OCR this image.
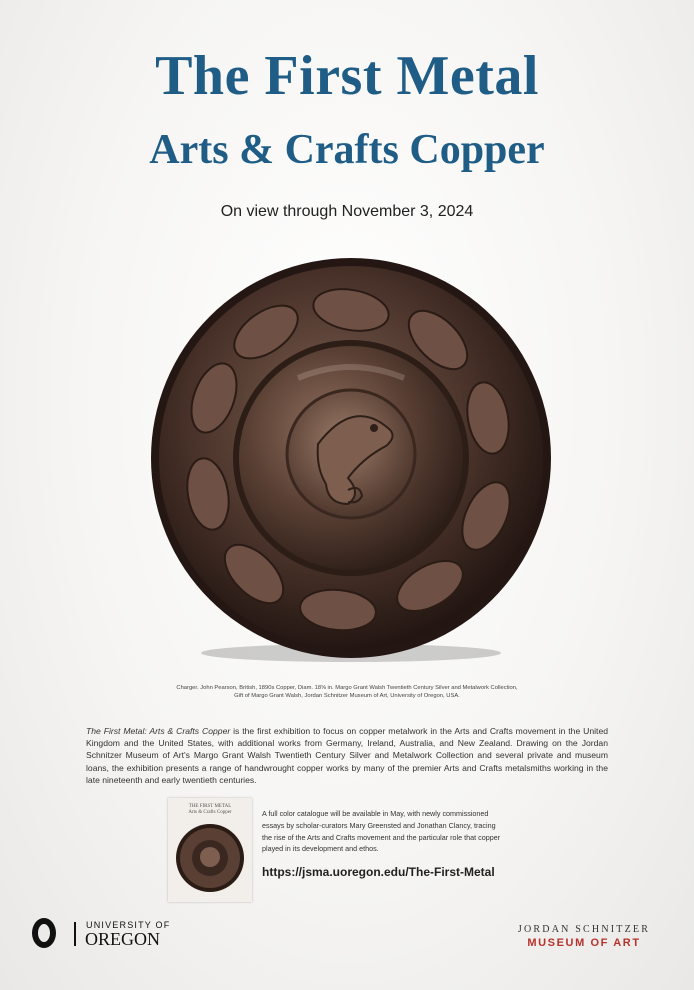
The First Metal
Arts & Crafts Copper
On view through November 3, 2024
Charger. John Pearson, British, 1890s Copper, Diam. 18⅝ in. Margo Grant Walsh Twentieth Century Silver and Metalwork Collection,
Gift of Margo Grant Walsh, Jordan Schnitzer Museum of Art, University of Oregon, USA.

The First Metal: Arts & Crafts Copper is the first exhibition to focus on copper metalwork in the Arts and Crafts movement in the United Kingdom and the United States, with additional works from Germany, Ireland, Australia, and New Zealand. Drawing on the Jordan Schnitzer Museum of Art's Margo Grant Walsh Twentieth Century Silver and Metalwork Collection and several private and museum loans, the exhibition presents a range of handwrought copper works by many of the premier Arts and Crafts metalsmiths working in the late nineteenth and early twentieth centuries.

THE FIRST METAL
Arts & Crafts Copper	A full color catalogue will be available in May, with newly commissioned essays by scholar-curators Mary Greensted and Jonathan Clancy, tracing the rise of the Arts and Crafts movement and the particular role that copper played in its development and ethos.
https://jsma.uoregon.edu/The-First-Metal
UNIVERSITY OF
OREGON	JORDAN SCHNITZER
MUSEUM OF ART
